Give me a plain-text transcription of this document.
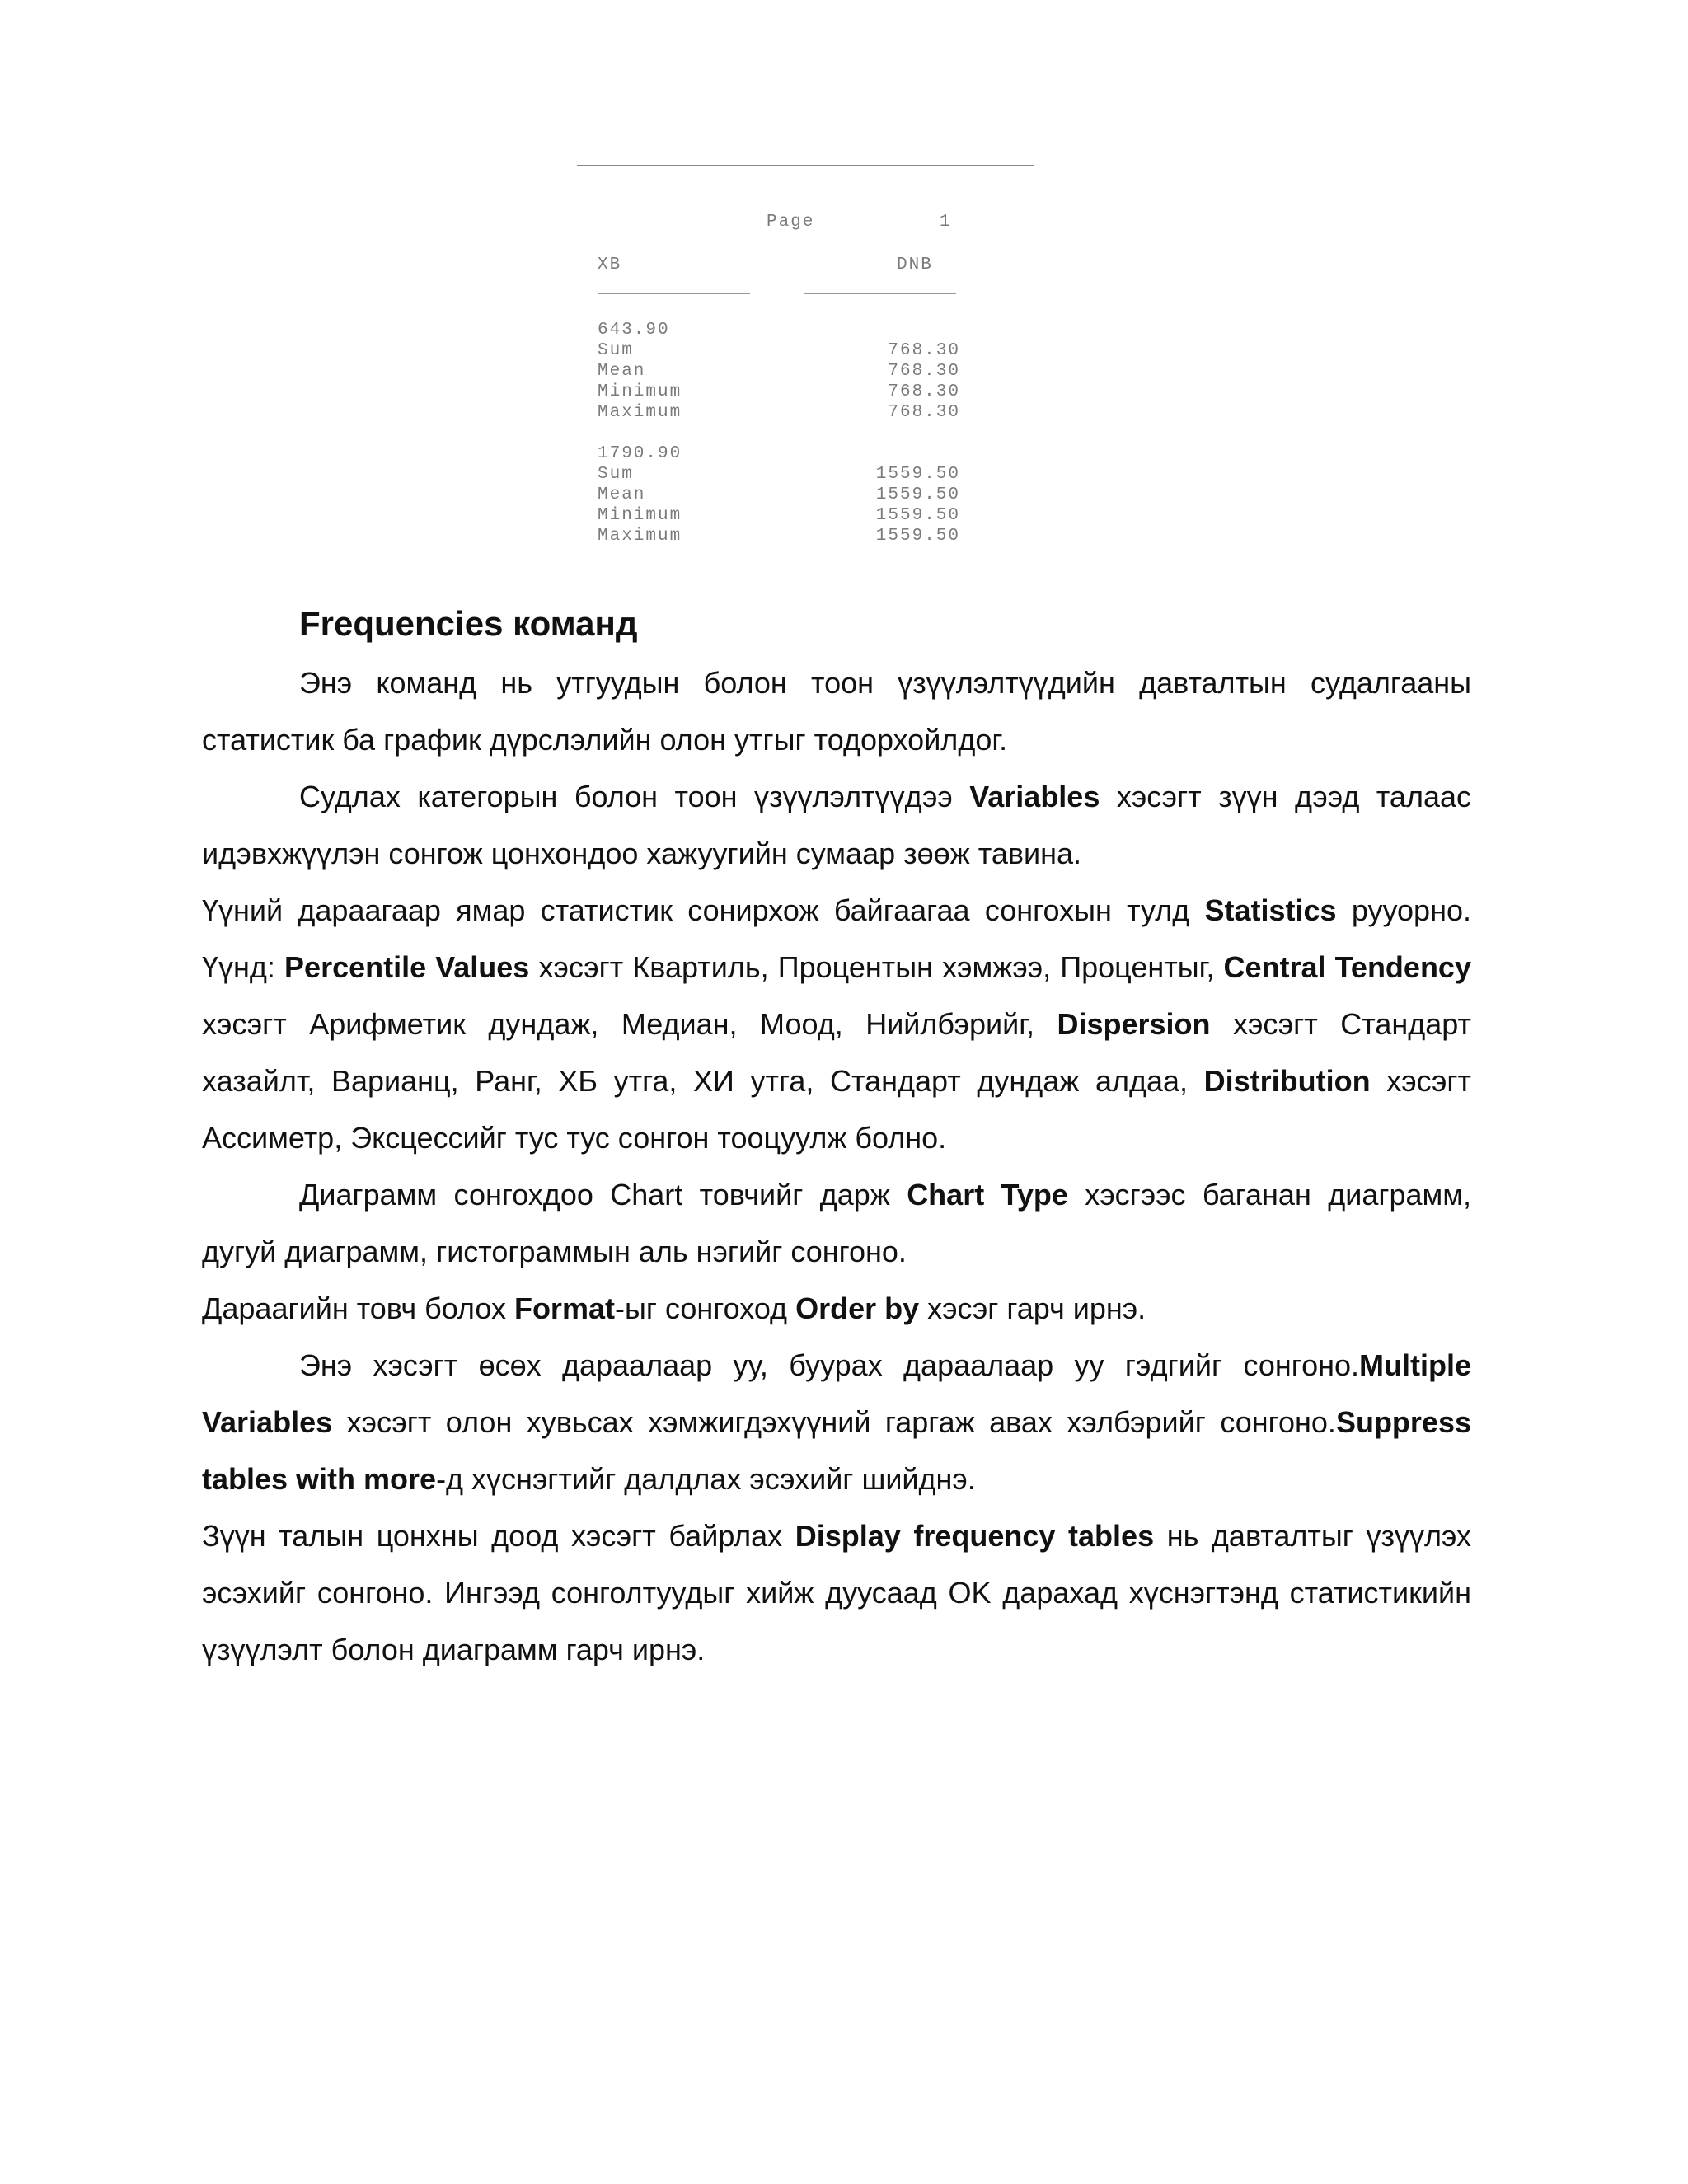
Page	1
XB	DNB
643.90
Sum	768.30
Mean	768.30
Minimum	768.30
Maximum	768.30
1790.90
Sum	1559.50
Mean	1559.50
Minimum	1559.50
Maximum	1559.50
Frequencies команд

Энэ команд нь утгуудын болон тоон үзүүлэлтүүдийн давталтын судалгааны статистик ба график дүрслэлийн олон утгыг тодорхойлдог.

Судлах категорын болон тоон үзүүлэлтүүдээ Variables хэсэгт зүүн дээд талаас идэвхжүүлэн сонгож цонхондоо хажуугийн сумаар зөөж тавина.

Үүний дараагаар ямар статистик сонирхож байгаагаа сонгохын тулд Statistics рууорно. Үүнд: Percentile Values хэсэгт Квартиль, Процентын хэмжээ, Процентыг, Central Tendency хэсэгт Арифметик дундаж, Медиан, Моод, Нийлбэрийг, Dispersion хэсэгт Стандарт хазайлт, Варианц, Ранг, ХБ утга, ХИ утга, Стандарт дундаж алдаа, Distribution хэсэгт Ассиметр, Эксцессийг тус тус сонгон тооцуулж болно.

Диаграмм сонгохдоо Chart товчийг дарж Chart Type хэсгээс баганан диаграмм, дугуй диаграмм, гистограммын аль нэгийг сонгоно.

Дараагийн товч болох Format-ыг сонгоход Order by хэсэг гарч ирнэ.

Энэ хэсэгт өсөх дараалаар уу, буурах дараалаар уу гэдгийг сонгоно.Multiple Variables хэсэгт олон хувьсах хэмжигдэхүүний гаргаж авах хэлбэрийг сонгоно.Suppress tables with more-д хүснэгтийг далдлах эсэхийг шийднэ.

Зүүн талын цонхны доод хэсэгт байрлах Display frequency tables нь давталтыг үзүүлэх эсэхийг сонгоно. Ингээд сонголтуудыг хийж дуусаад OK дарахад хүснэгтэнд статистикийн үзүүлэлт болон диаграмм гарч ирнэ.
